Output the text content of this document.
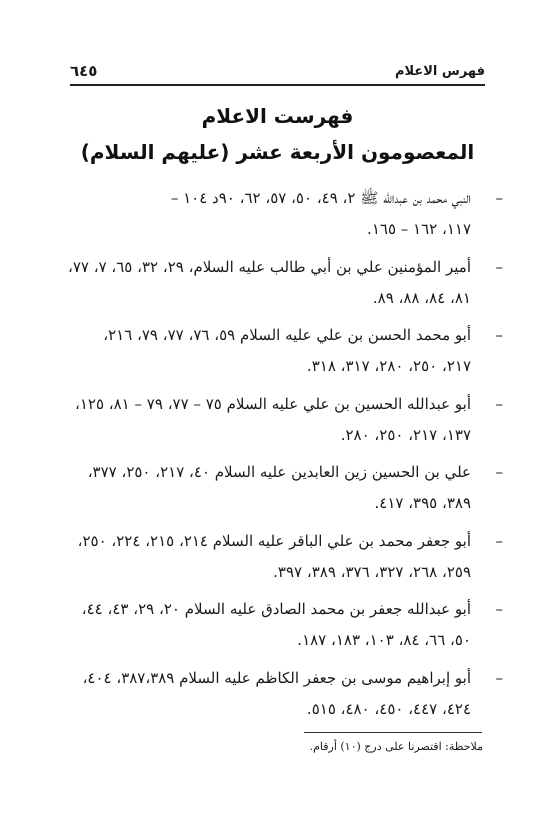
فهرس الاعلام
٦٤٥
فهرست الاعلام
المعصومون الأربعة عشر (عليهم السلام)
–
النبي محمد بن عبدالله ﷺ ٢، ٤٩، ٥٠، ٥٧، ٦٢، ٩٠د ١٠٤ –
١١٧، ١٦٢ – ١٦٥.
–
أمير المؤمنين علي بن أبي طالب عليه السلام، ٢٩، ٣٢، ٦٥، ٧، ٧٧،
٨١، ٨٤، ٨٨، ٨٩.
–
أبو محمد الحسن بن علي عليه السلام ٥٩، ٧٦، ٧٧، ٧٩، ٢١٦،
٢١٧، ٢٥٠، ٢٨٠، ٣١٧، ٣١٨.
–
أبو عبدالله الحسين بن علي عليه السلام ٧٥ – ٧٧، ٧٩ – ٨١، ١٢٥،
١٣٧، ٢١٧، ٢٥٠، ٢٨٠.
–
علي بن الحسين زين العابدين عليه السلام ٤٠، ٢١٧، ٢٥٠، ٣٧٧،
٣٨٩، ٣٩٥، ٤١٧.
–
أبو جعفر محمد بن علي الباقر عليه السلام ٢١٤، ٢١٥، ٢٢٤، ٢٥٠،
٢٥٩، ٢٦٨، ٣٢٧، ٣٧٦، ٣٨٩، ٣٩٧.
–
أبو عبدالله جعفر بن محمد الصادق عليه السلام ٢٠، ٢٩، ٤٣، ٤٤،
٥٠، ٦٦، ٨٤، ١٠٣، ١٨٣، ١٨٧.
–
أبو إبراهيم موسى بن جعفر الكاظم عليه السلام ٣٨٧،٣٨٩، ٤٠٤،
٤٢٤، ٤٤٧، ٤٥٠، ٤٨٠، ٥١٥.
ملاحظة: اقتصرنا على درج (١٠) أرقام.
